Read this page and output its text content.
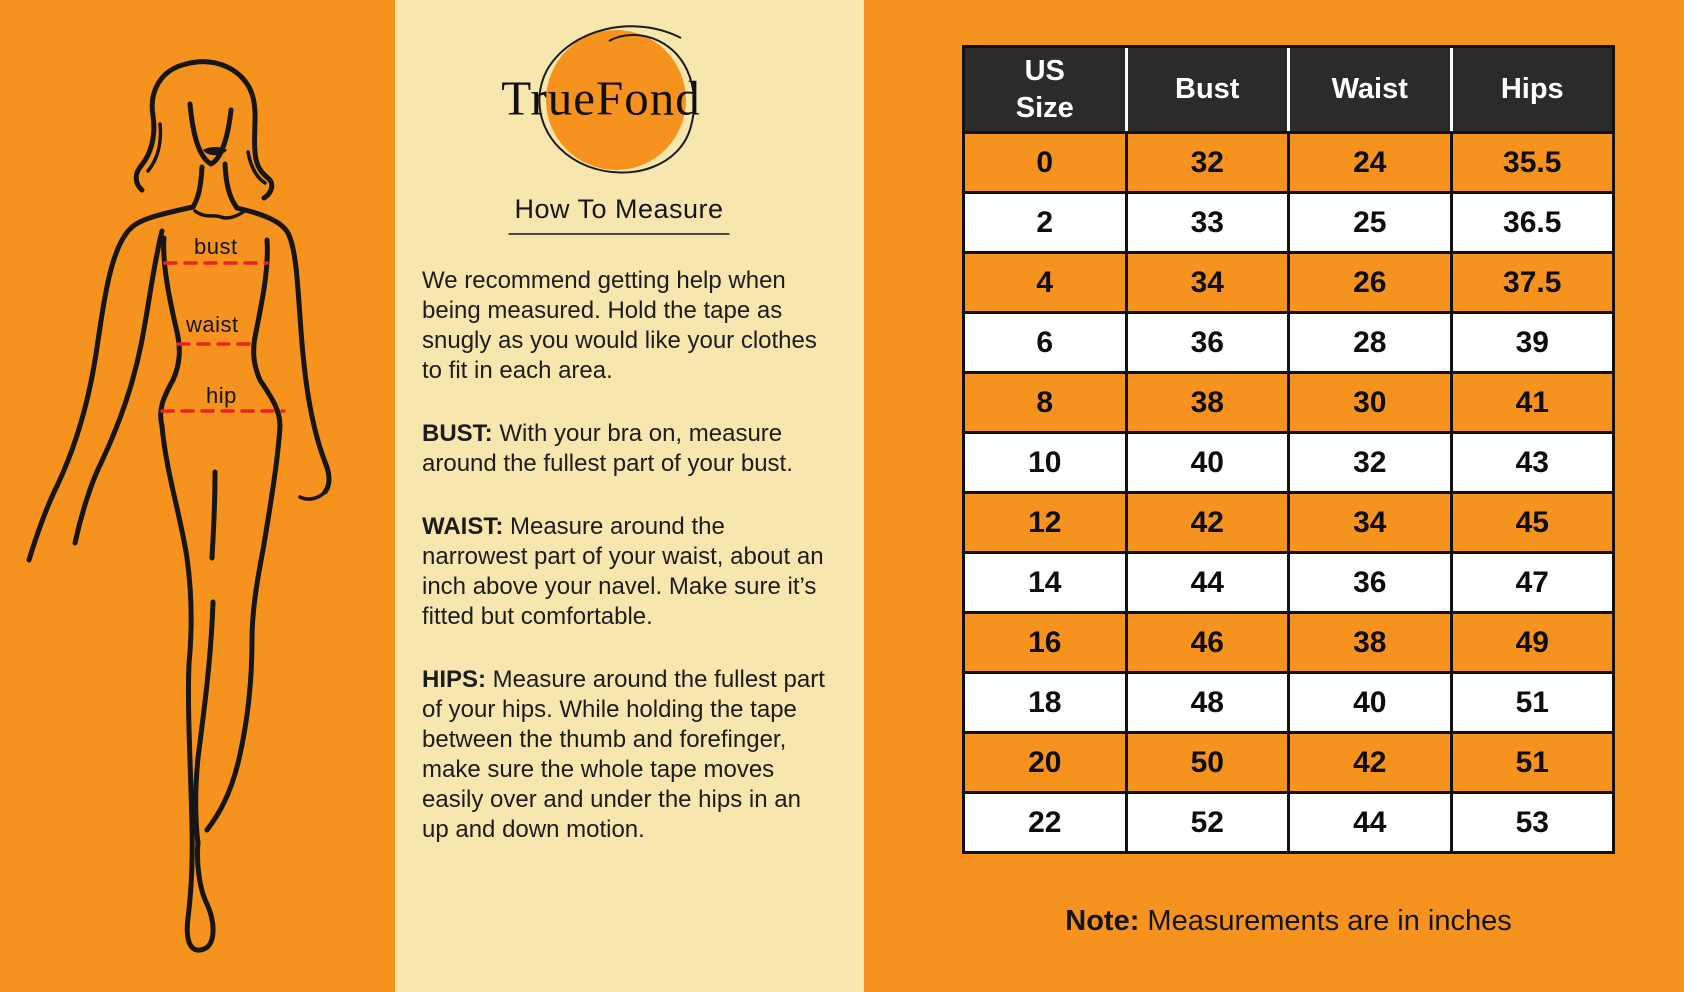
bust
waist
hip
TrueFond
How To Measure

We recommend getting help when being measured. Hold the tape as snugly as you would like your clothes to fit in each area.

BUST: With your bra on, measure around the fullest part of your bust.

WAIST: Measure around the narrowest part of your waist, about an inch above your navel. Make sure it’s fitted but comfortable.

HIPS: Measure around the fullest part of your hips. While holding the tape between the thumb and forefinger, make sure the whole tape moves easily over and under the hips in an up and down motion.

US Size	Bust	Waist	Hips
0	32	24	35.5
2	33	25	36.5
4	34	26	37.5
6	36	28	39
8	38	30	41
10	40	32	43
12	42	34	45
14	44	36	47
16	46	38	49
18	48	40	51
20	50	42	51
22	52	44	53
Note: Measurements are in inches
